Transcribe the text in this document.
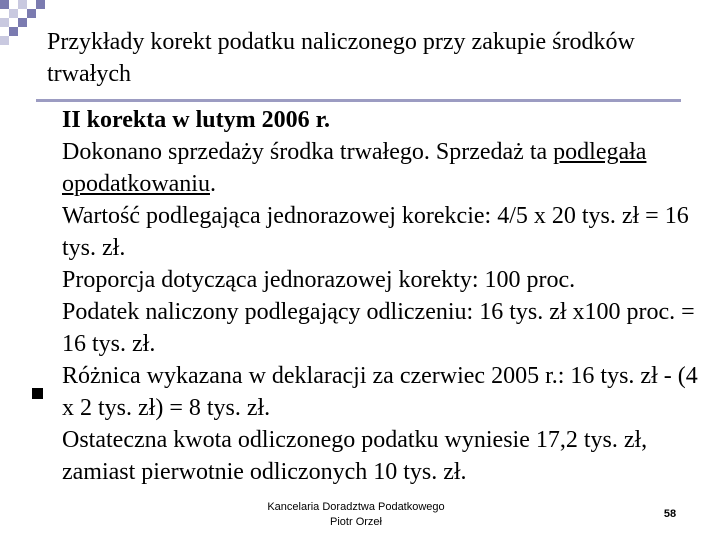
Przykłady korekt podatku naliczonego przy zakupie środków trwałych

II korekta w lutym 2006 r.

Dokonano sprzedaży środka trwałego. Sprzedaż ta podlegała opodatkowaniu.

Wartość podlegająca jednorazowej korekcie: 4/5 x 20 tys. zł = 16 tys. zł.

Proporcja dotycząca jednorazowej korekty: 100 proc.

Podatek naliczony podlegający odliczeniu: 16 tys. zł x100 proc. = 16 tys. zł.

Różnica wykazana w deklaracji za czerwiec 2005 r.: 16 tys. zł - (4 x 2 tys. zł) = 8 tys. zł.

Ostateczna kwota odliczonego podatku wyniesie 17,2 tys. zł, zamiast pierwotnie odliczonych 10 tys. zł.

Kancelaria Doradztwa Podatkowego
Piotr Orzeł
58
